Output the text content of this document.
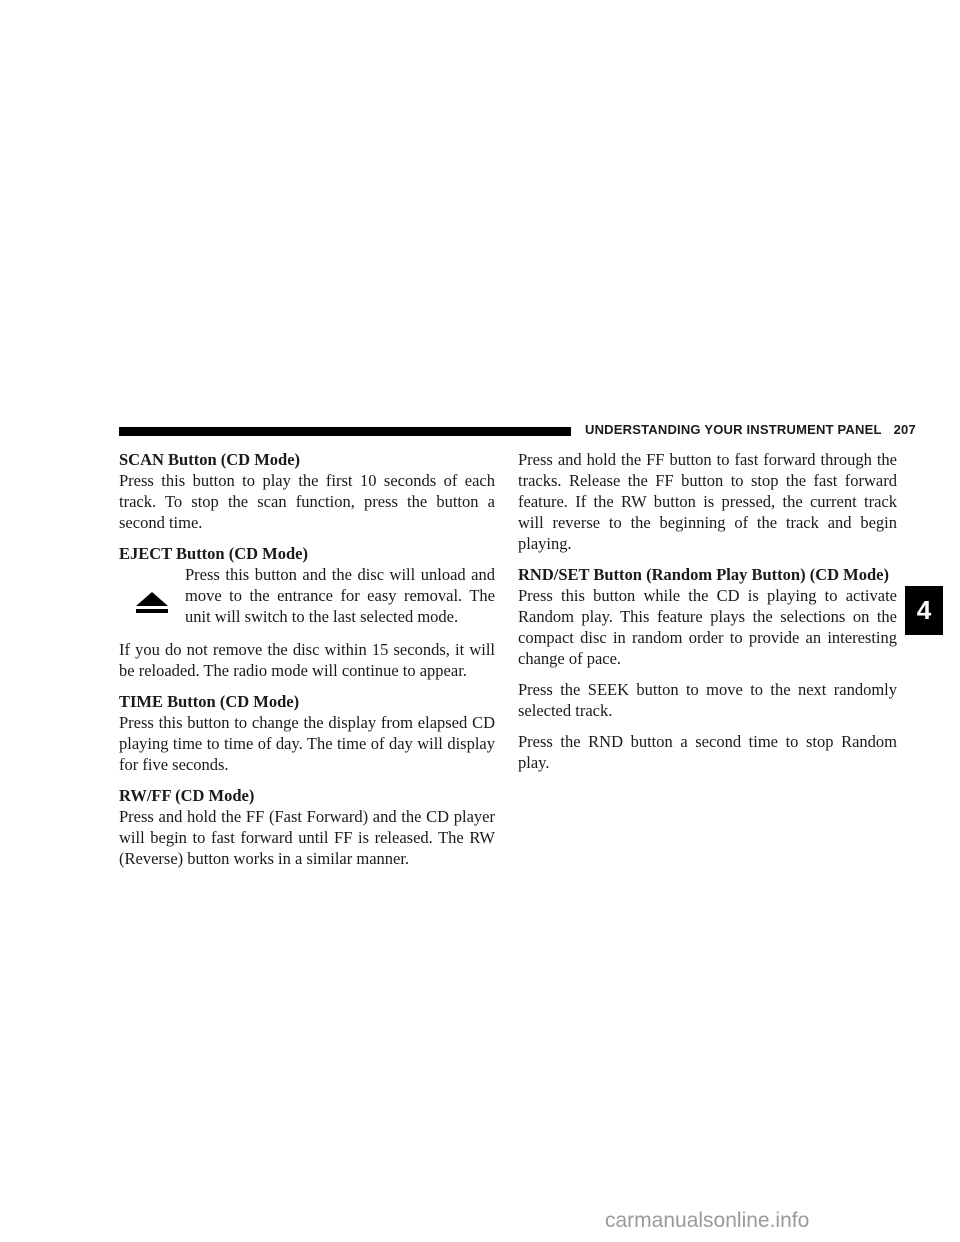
UNDERSTANDING YOUR INSTRUMENT PANEL 207
SCAN Button (CD Mode)

Press this button to play the first 10 seconds of each track. To stop the scan function, press the button a second time.

EJECT Button (CD Mode)

Press this button and the disc will unload and move to the entrance for easy removal. The unit will switch to the last selected mode.

If you do not remove the disc within 15 seconds, it will be reloaded. The radio mode will continue to appear.

TIME Button (CD Mode)

Press this button to change the display from elapsed CD playing time to time of day. The time of day will display for five seconds.

RW/FF (CD Mode)

Press and hold the FF (Fast Forward) and the CD player will begin to fast forward until FF is released. The RW (Reverse) button works in a similar manner.

Press and hold the FF button to fast forward through the tracks. Release the FF button to stop the fast forward feature. If the RW button is pressed, the current track will reverse to the beginning of the track and begin playing.

RND/SET Button (Random Play Button) (CD Mode)

Press this button while the CD is playing to activate Random play. This feature plays the selections on the compact disc in random order to provide an interesting change of pace.

Press the SEEK button to move to the next randomly selected track.

Press the RND button a second time to stop Random play.

4
carmanualsonline.info
